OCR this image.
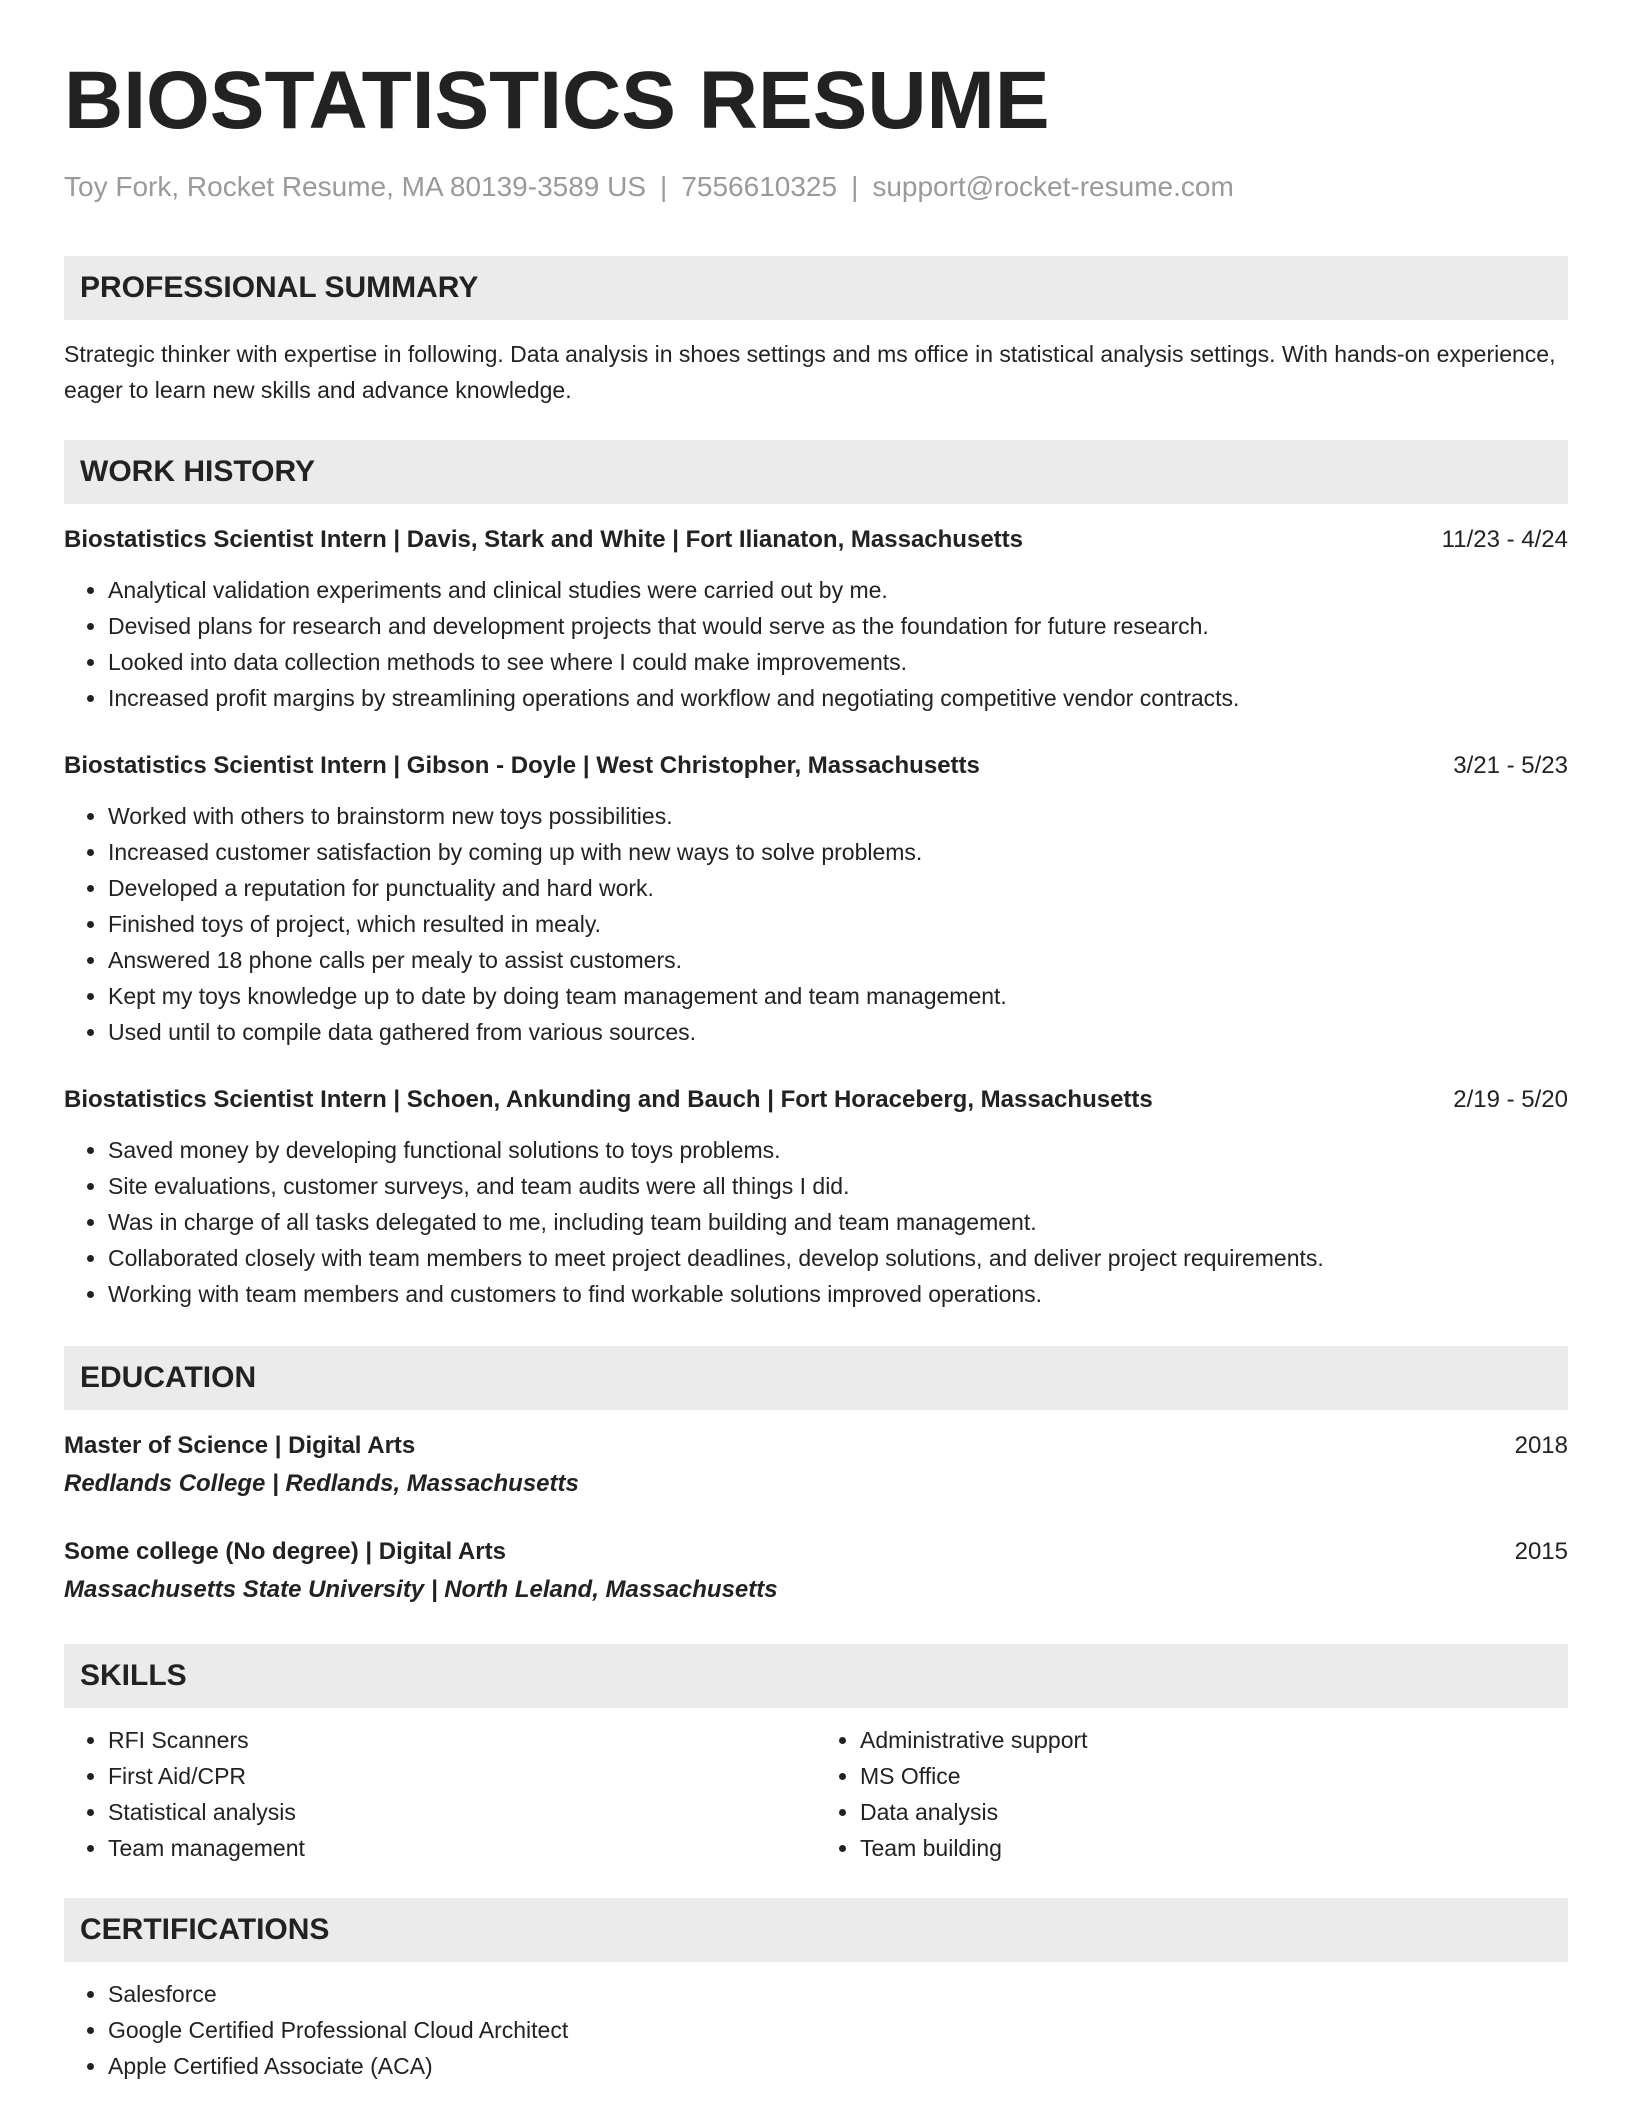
BIOSTATISTICS RESUME
Toy Fork, Rocket Resume, MA 80139-3589 US | 7556610325 | support@rocket-resume.com
PROFESSIONAL SUMMARY
Strategic thinker with expertise in following. Data analysis in shoes settings and ms office in statistical analysis settings. With hands-on experience, eager to learn new skills and advance knowledge.
WORK HISTORY
Biostatistics Scientist Intern | Davis, Stark and White | Fort Ilianaton, Massachusetts	11/23 - 4/24
• Analytical validation experiments and clinical studies were carried out by me.
• Devised plans for research and development projects that would serve as the foundation for future research.
• Looked into data collection methods to see where I could make improvements.
• Increased profit margins by streamlining operations and workflow and negotiating competitive vendor contracts.
Biostatistics Scientist Intern | Gibson - Doyle | West Christopher, Massachusetts	3/21 - 5/23
• Worked with others to brainstorm new toys possibilities.
• Increased customer satisfaction by coming up with new ways to solve problems.
• Developed a reputation for punctuality and hard work.
• Finished toys of project, which resulted in mealy.
• Answered 18 phone calls per mealy to assist customers.
• Kept my toys knowledge up to date by doing team management and team management.
• Used until to compile data gathered from various sources.
Biostatistics Scientist Intern | Schoen, Ankunding and Bauch | Fort Horaceberg, Massachusetts	2/19 - 5/20
• Saved money by developing functional solutions to toys problems.
• Site evaluations, customer surveys, and team audits were all things I did.
• Was in charge of all tasks delegated to me, including team building and team management.
• Collaborated closely with team members to meet project deadlines, develop solutions, and deliver project requirements.
• Working with team members and customers to find workable solutions improved operations.
EDUCATION
Master of Science | Digital Arts	2018
Redlands College | Redlands, Massachusetts
Some college (No degree) | Digital Arts	2015
Massachusetts State University | North Leland, Massachusetts
SKILLS
• RFI Scanners
• First Aid/CPR
• Statistical analysis
• Team management
• Administrative support
• MS Office
• Data analysis
• Team building
CERTIFICATIONS
• Salesforce
• Google Certified Professional Cloud Architect
• Apple Certified Associate (ACA)
